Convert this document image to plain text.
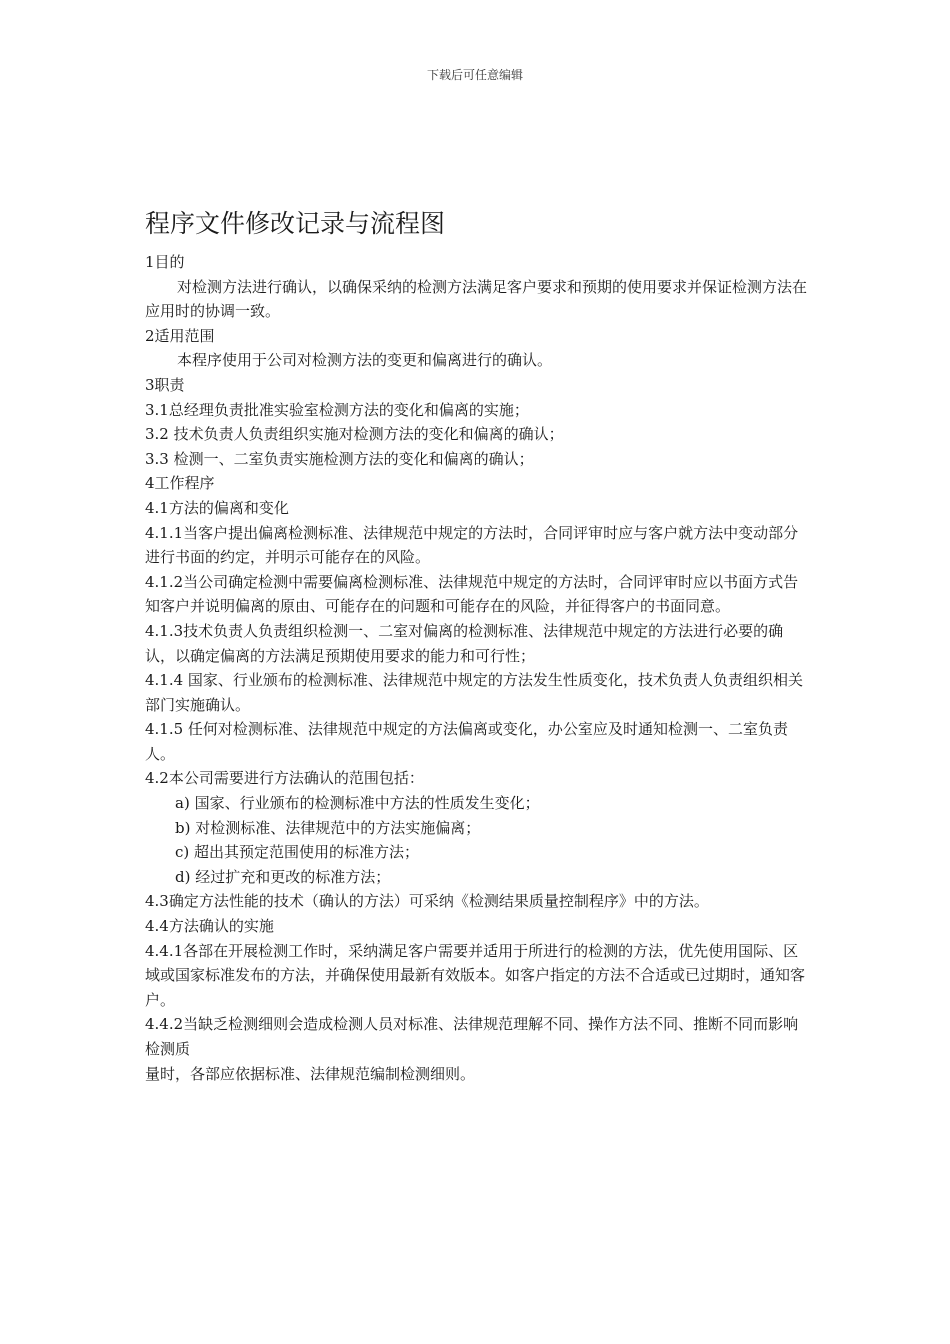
下载后可任意编辑
程序文件修改记录与流程图

1目的

对检测方法进行确认，以确保采纳的检测方法满足客户要求和预期的使用要求并保证检测方法在应用时的协调一致。

2适用范围

本程序使用于公司对检测方法的变更和偏离进行的确认。

3职责

3.1总经理负责批准实验室检测方法的变化和偏离的实施；

3.2 技术负责人负责组织实施对检测方法的变化和偏离的确认；

3.3 检测一、二室负责实施检测方法的变化和偏离的确认；

4工作程序

4.1方法的偏离和变化

4.1.1当客户提出偏离检测标准、法律规范中规定的方法时，合同评审时应与客户就方法中变动部分进行书面的约定，并明示可能存在的风险。

4.1.2当公司确定检测中需要偏离检测标准、法律规范中规定的方法时，合同评审时应以书面方式告知客户并说明偏离的原由、可能存在的问题和可能存在的风险，并征得客户的书面同意。

4.1.3技术负责人负责组织检测一、二室对偏离的检测标准、法律规范中规定的方法进行必要的确认，以确定偏离的方法满足预期使用要求的能力和可行性；

4.1.4 国家、行业颁布的检测标准、法律规范中规定的方法发生性质变化，技术负责人负责组织相关部门实施确认。

4.1.5 任何对检测标准、法律规范中规定的方法偏离或变化，办公室应及时通知检测一、二室负责人。

4.2本公司需要进行方法确认的范围包括：

a) 国家、行业颁布的检测标准中方法的性质发生变化；

b) 对检测标准、法律规范中的方法实施偏离；

c) 超出其预定范围使用的标准方法；

d) 经过扩充和更改的标准方法；

4.3确定方法性能的技术（确认的方法）可采纳《检测结果质量控制程序》中的方法。

4.4方法确认的实施

4.4.1各部在开展检测工作时，采纳满足客户需要并适用于所进行的检测的方法，优先使用国际、区域或国家标准发布的方法，并确保使用最新有效版本。如客户指定的方法不合适或已过期时，通知客户。

4.4.2当缺乏检测细则会造成检测人员对标准、法律规范理解不同、操作方法不同、推断不同而影响检测质

量时，各部应依据标准、法律规范编制检测细则。
